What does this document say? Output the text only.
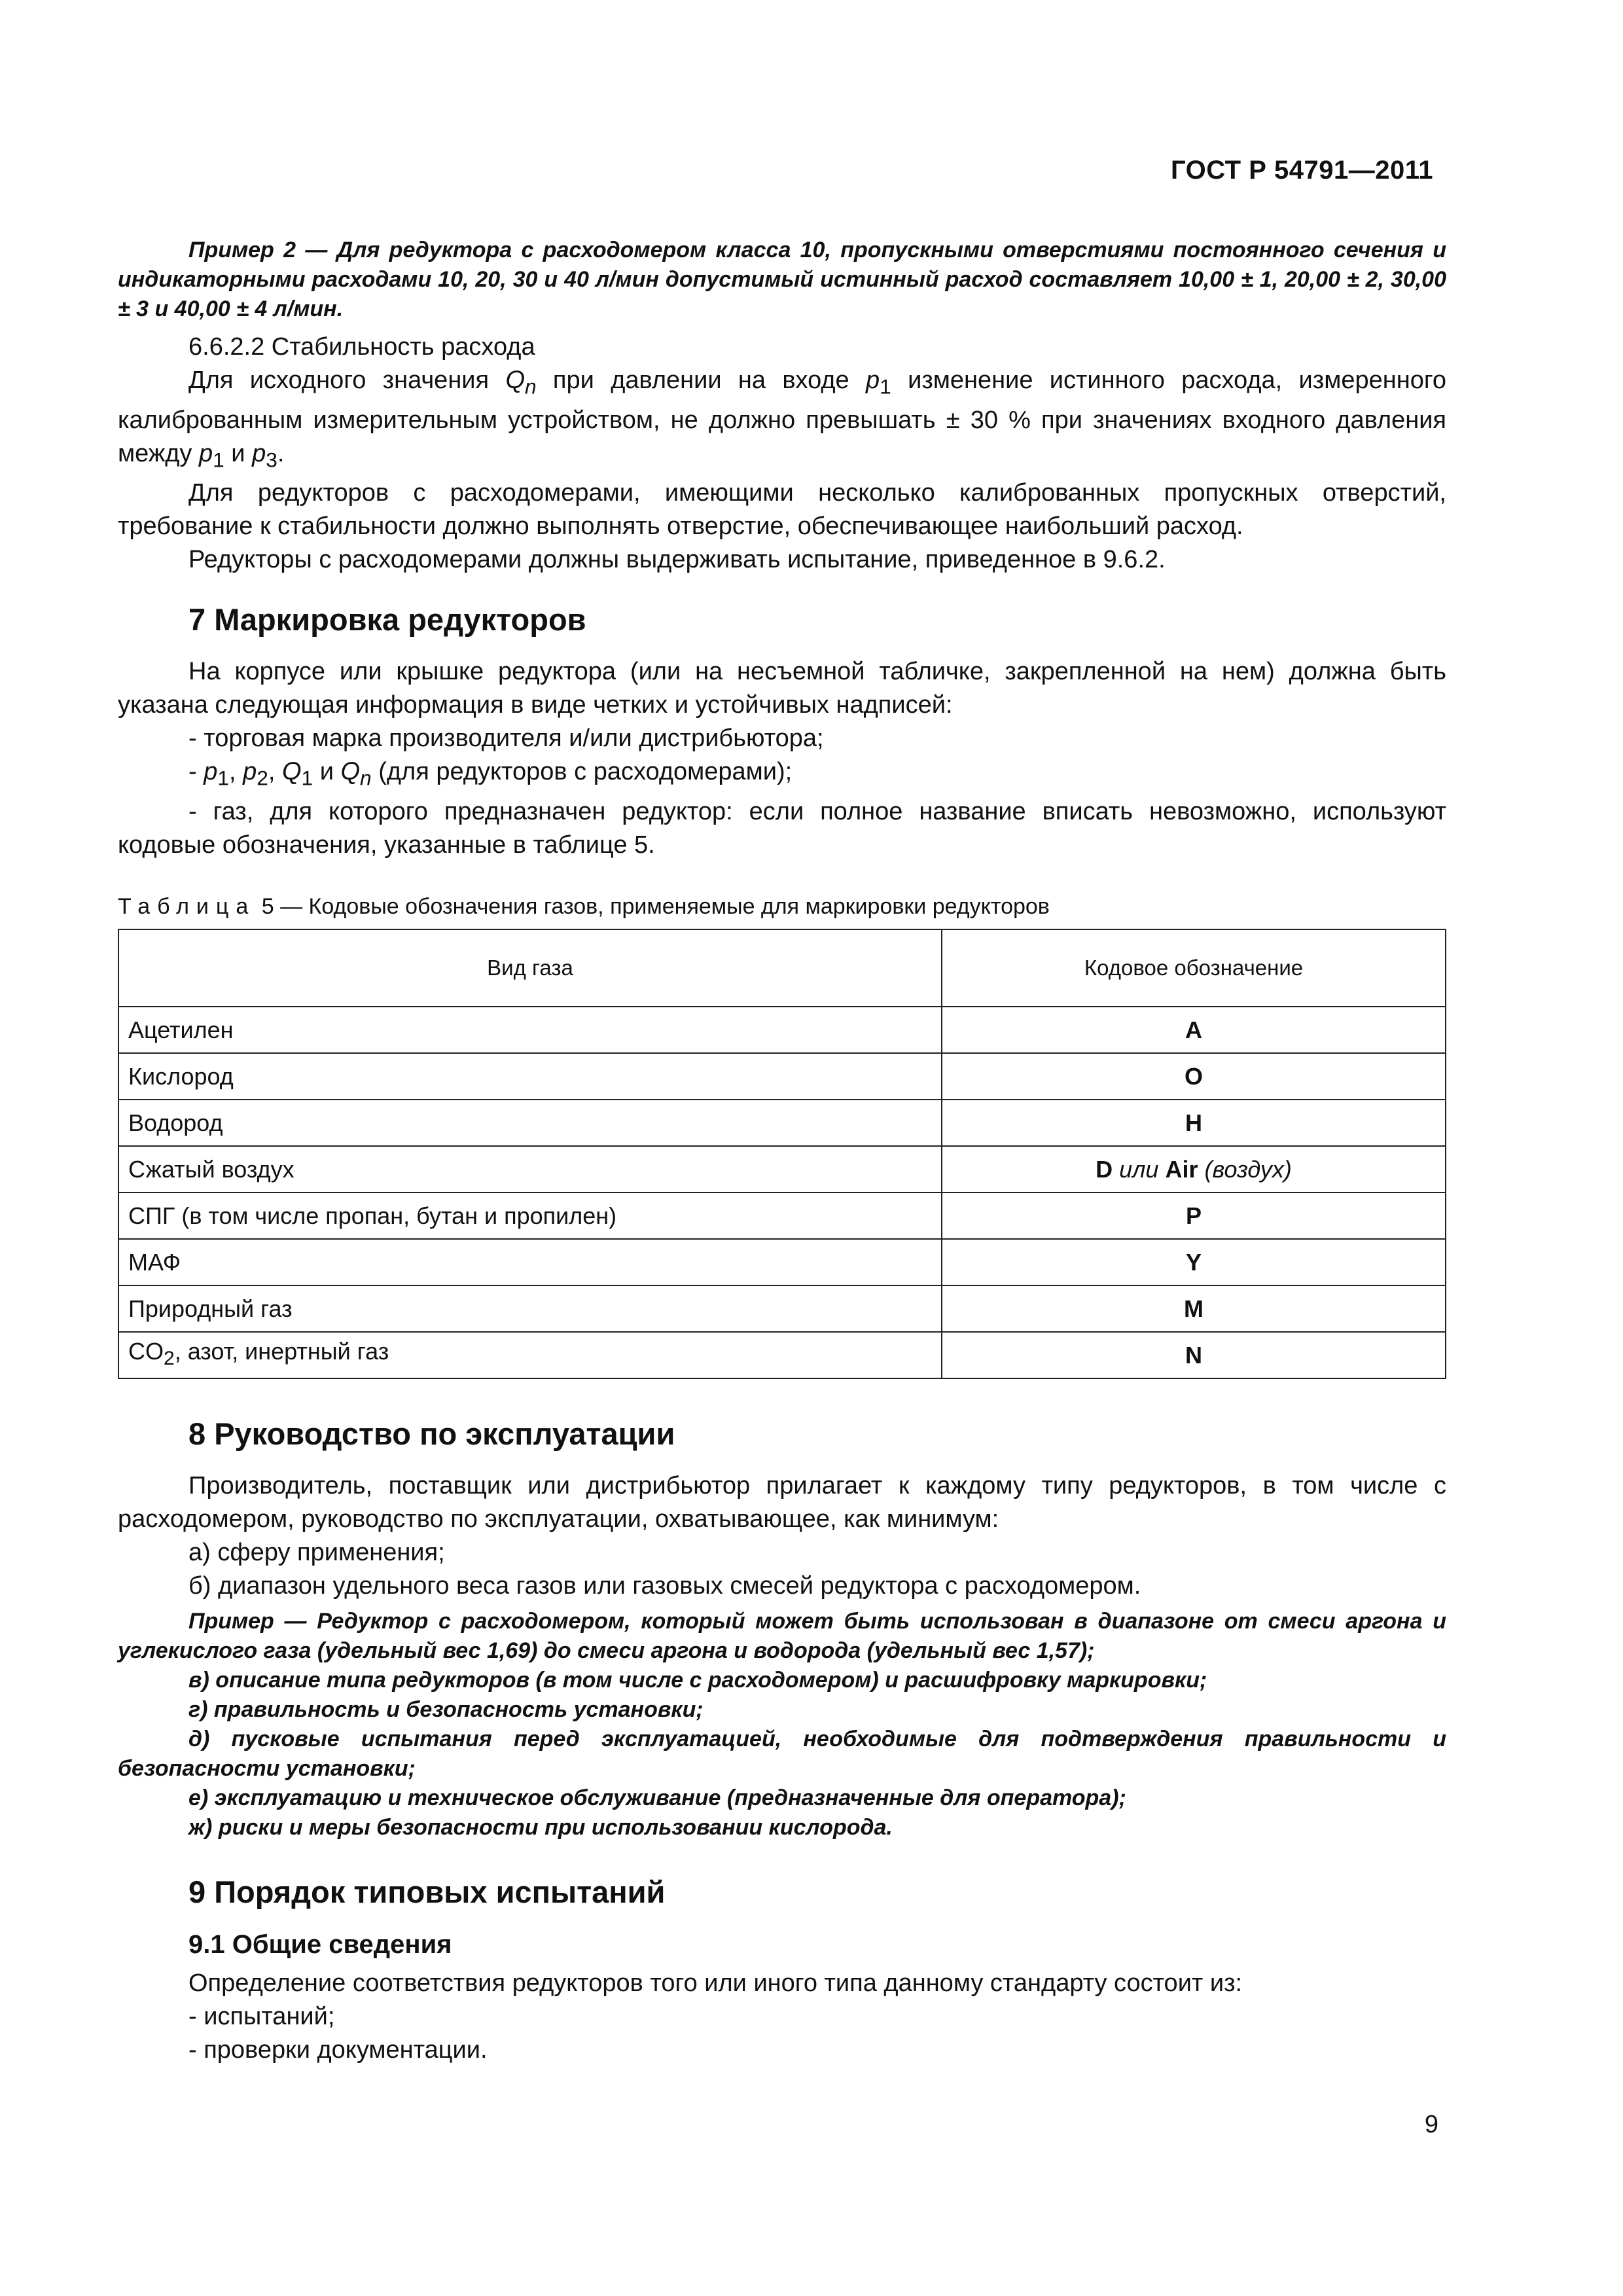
ГОСТ Р 54791—2011

Пример 2 — Для редуктора с расходомером класса 10, пропускными отверстиями постоянного сечения и индикаторными расходами 10, 20, 30 и 40 л/мин допустимый истинный расход составляет 10,00 ± 1, 20,00 ± 2, 30,00 ± 3 и 40,00 ± 4 л/мин.

6.6.2.2 Стабильность расхода

Для исходного значения $Q_n$ при давлении на входе $p_1$ изменение истинного расхода, измеренного калиброванным измерительным устройством, не должно превышать ± 30 % при значениях входного давления между $p_1$ и $p_3$.

Для редукторов с расходомерами, имеющими несколько калиброванных пропускных отверстий, требование к стабильности должно выполнять отверстие, обеспечивающее наибольший расход.

Редукторы с расходомерами должны выдерживать испытание, приведенное в 9.6.2.

7 Маркировка редукторов

На корпусе или крышке редуктора (или на несъемной табличке, закрепленной на нем) должна быть указана следующая информация в виде четких и устойчивых надписей:

- торговая марка производителя и/или дистрибьютора;

- $p_1$, $p_2$, $Q_1$ и $Q_n$ (для редукторов с расходомерами);

- газ, для которого предназначен редуктор: если полное название вписать невозможно, используют кодовые обозначения, указанные в таблице 5.

Таблица 5 — Кодовые обозначения газов, применяемые для маркировки редукторов
Вид газа	Кодовое обозначение
Ацетилен	A
Кислород	O
Водород	H
Сжатый воздух	D или Air (воздух)
СПГ (в том числе пропан, бутан и пропилен)	P
МАФ	Y
Природный газ	M
$CO_2$, азот, инертный газ	N
8 Руководство по эксплуатации

Производитель, поставщик или дистрибьютор прилагает к каждому типу редукторов, в том числе с расходомером, руководство по эксплуатации, охватывающее, как минимум:

а) сферу применения;

б) диапазон удельного веса газов или газовых смесей редуктора с расходомером.

Пример — Редуктор с расходомером, который может быть использован в диапазоне от смеси аргона и углекислого газа (удельный вес 1,69) до смеси аргона и водорода (удельный вес 1,57);

в) описание типа редукторов (в том числе с расходомером) и расшифровку маркировки;

г) правильность и безопасность установки;

д) пусковые испытания перед эксплуатацией, необходимые для подтверждения правильности и безопасности установки;

е) эксплуатацию и техническое обслуживание (предназначенные для оператора);

ж) риски и меры безопасности при использовании кислорода.

9 Порядок типовых испытаний
9.1 Общие сведения

Определение соответствия редукторов того или иного типа данному стандарту состоит из:

- испытаний;

- проверки документации.

9
